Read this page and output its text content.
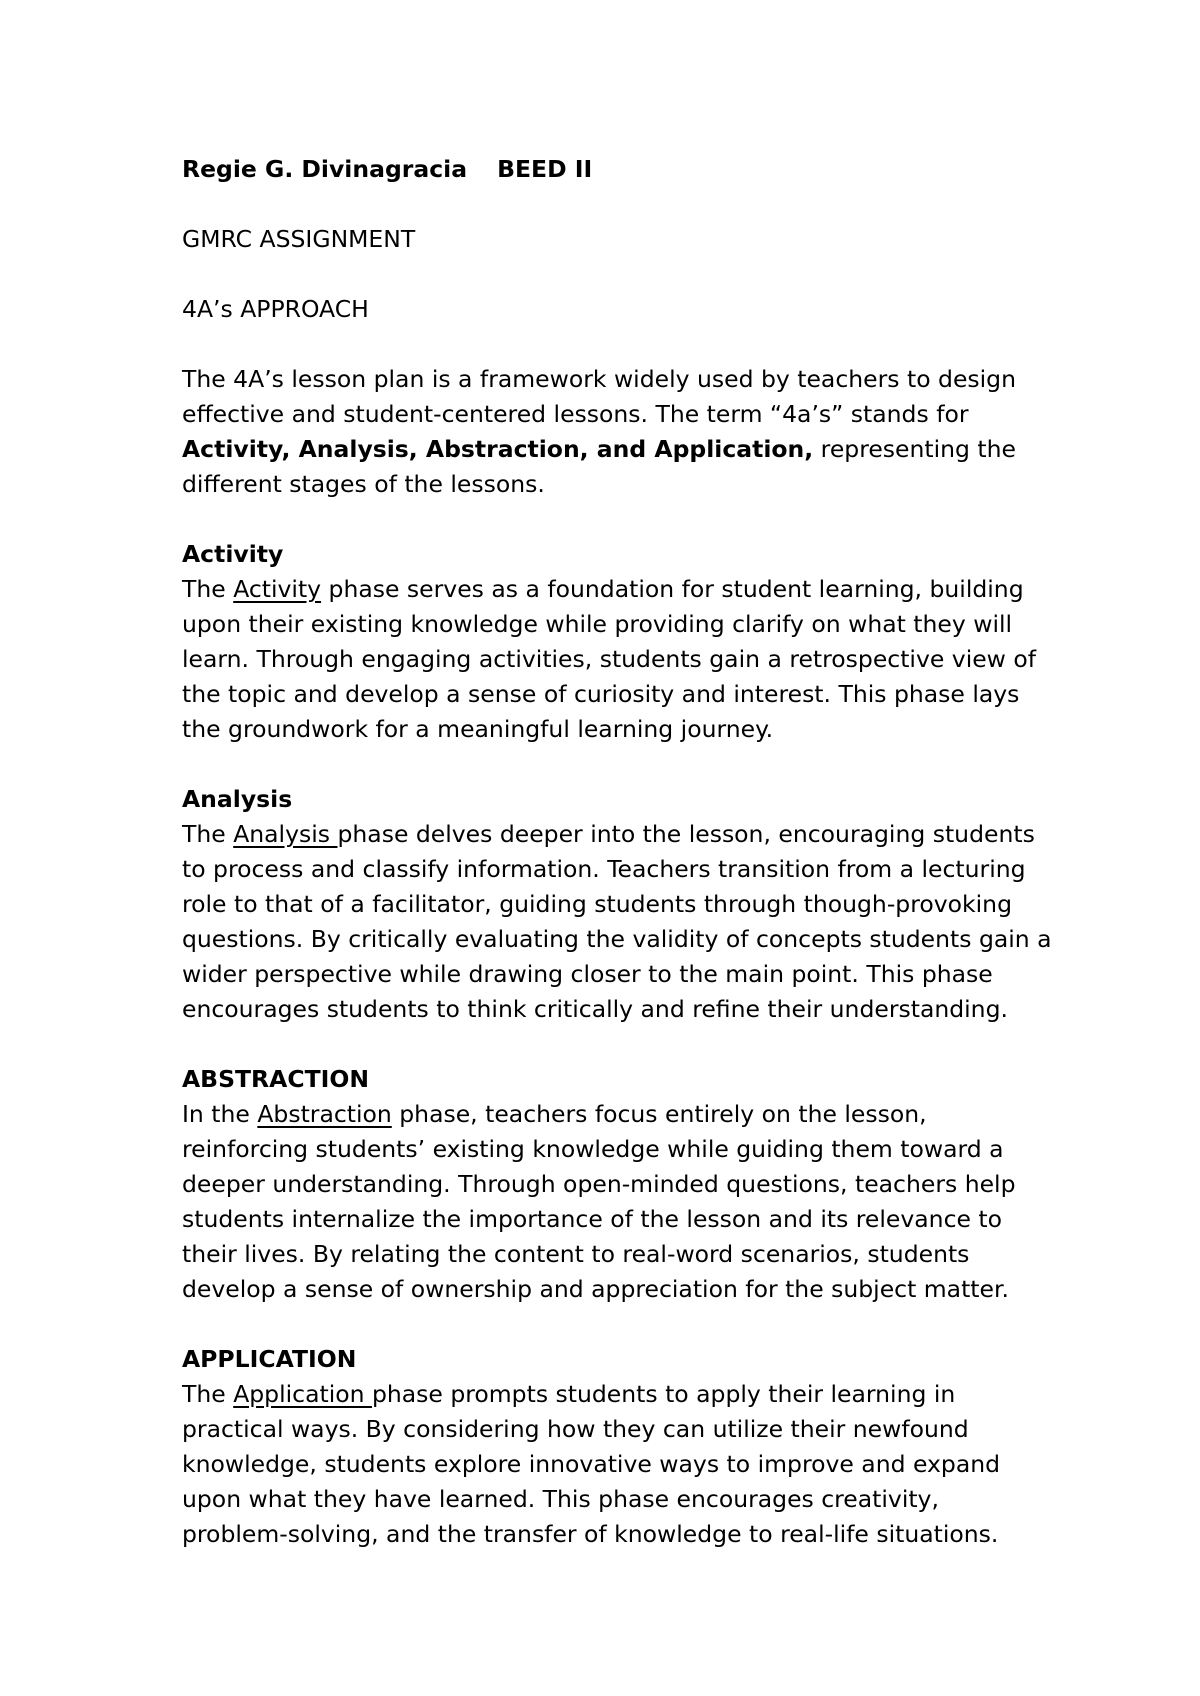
Regie G. Divinagracia BEED II
GMRC ASSIGNMENT
4A’s APPROACH
The 4A’s lesson plan is a framework widely used by teachers to design
effective and student-centered lessons. The term “4a’s” stands for
Activity, Analysis, Abstraction, and Application, representing the
different stages of the lessons.
Activity
The Activity phase serves as a foundation for student learning, building
upon their existing knowledge while providing clarify on what they will
learn. Through engaging activities, students gain a retrospective view of
the topic and develop a sense of curiosity and interest. This phase lays
the groundwork for a meaningful learning journey.
Analysis
The Analysis phase delves deeper into the lesson, encouraging students
to process and classify information. Teachers transition from a lecturing
role to that of a facilitator, guiding students through though-provoking
questions. By critically evaluating the validity of concepts students gain a
wider perspective while drawing closer to the main point. This phase
encourages students to think critically and refine their understanding.
ABSTRACTION
In the Abstraction phase, teachers focus entirely on the lesson,
reinforcing students’ existing knowledge while guiding them toward a
deeper understanding. Through open-minded questions, teachers help
students internalize the importance of the lesson and its relevance to
their lives. By relating the content to real-word scenarios, students
develop a sense of ownership and appreciation for the subject matter.
APPLICATION
The Application phase prompts students to apply their learning in
practical ways. By considering how they can utilize their newfound
knowledge, students explore innovative ways to improve and expand
upon what they have learned. This phase encourages creativity,
problem-solving, and the transfer of knowledge to real-life situations.
